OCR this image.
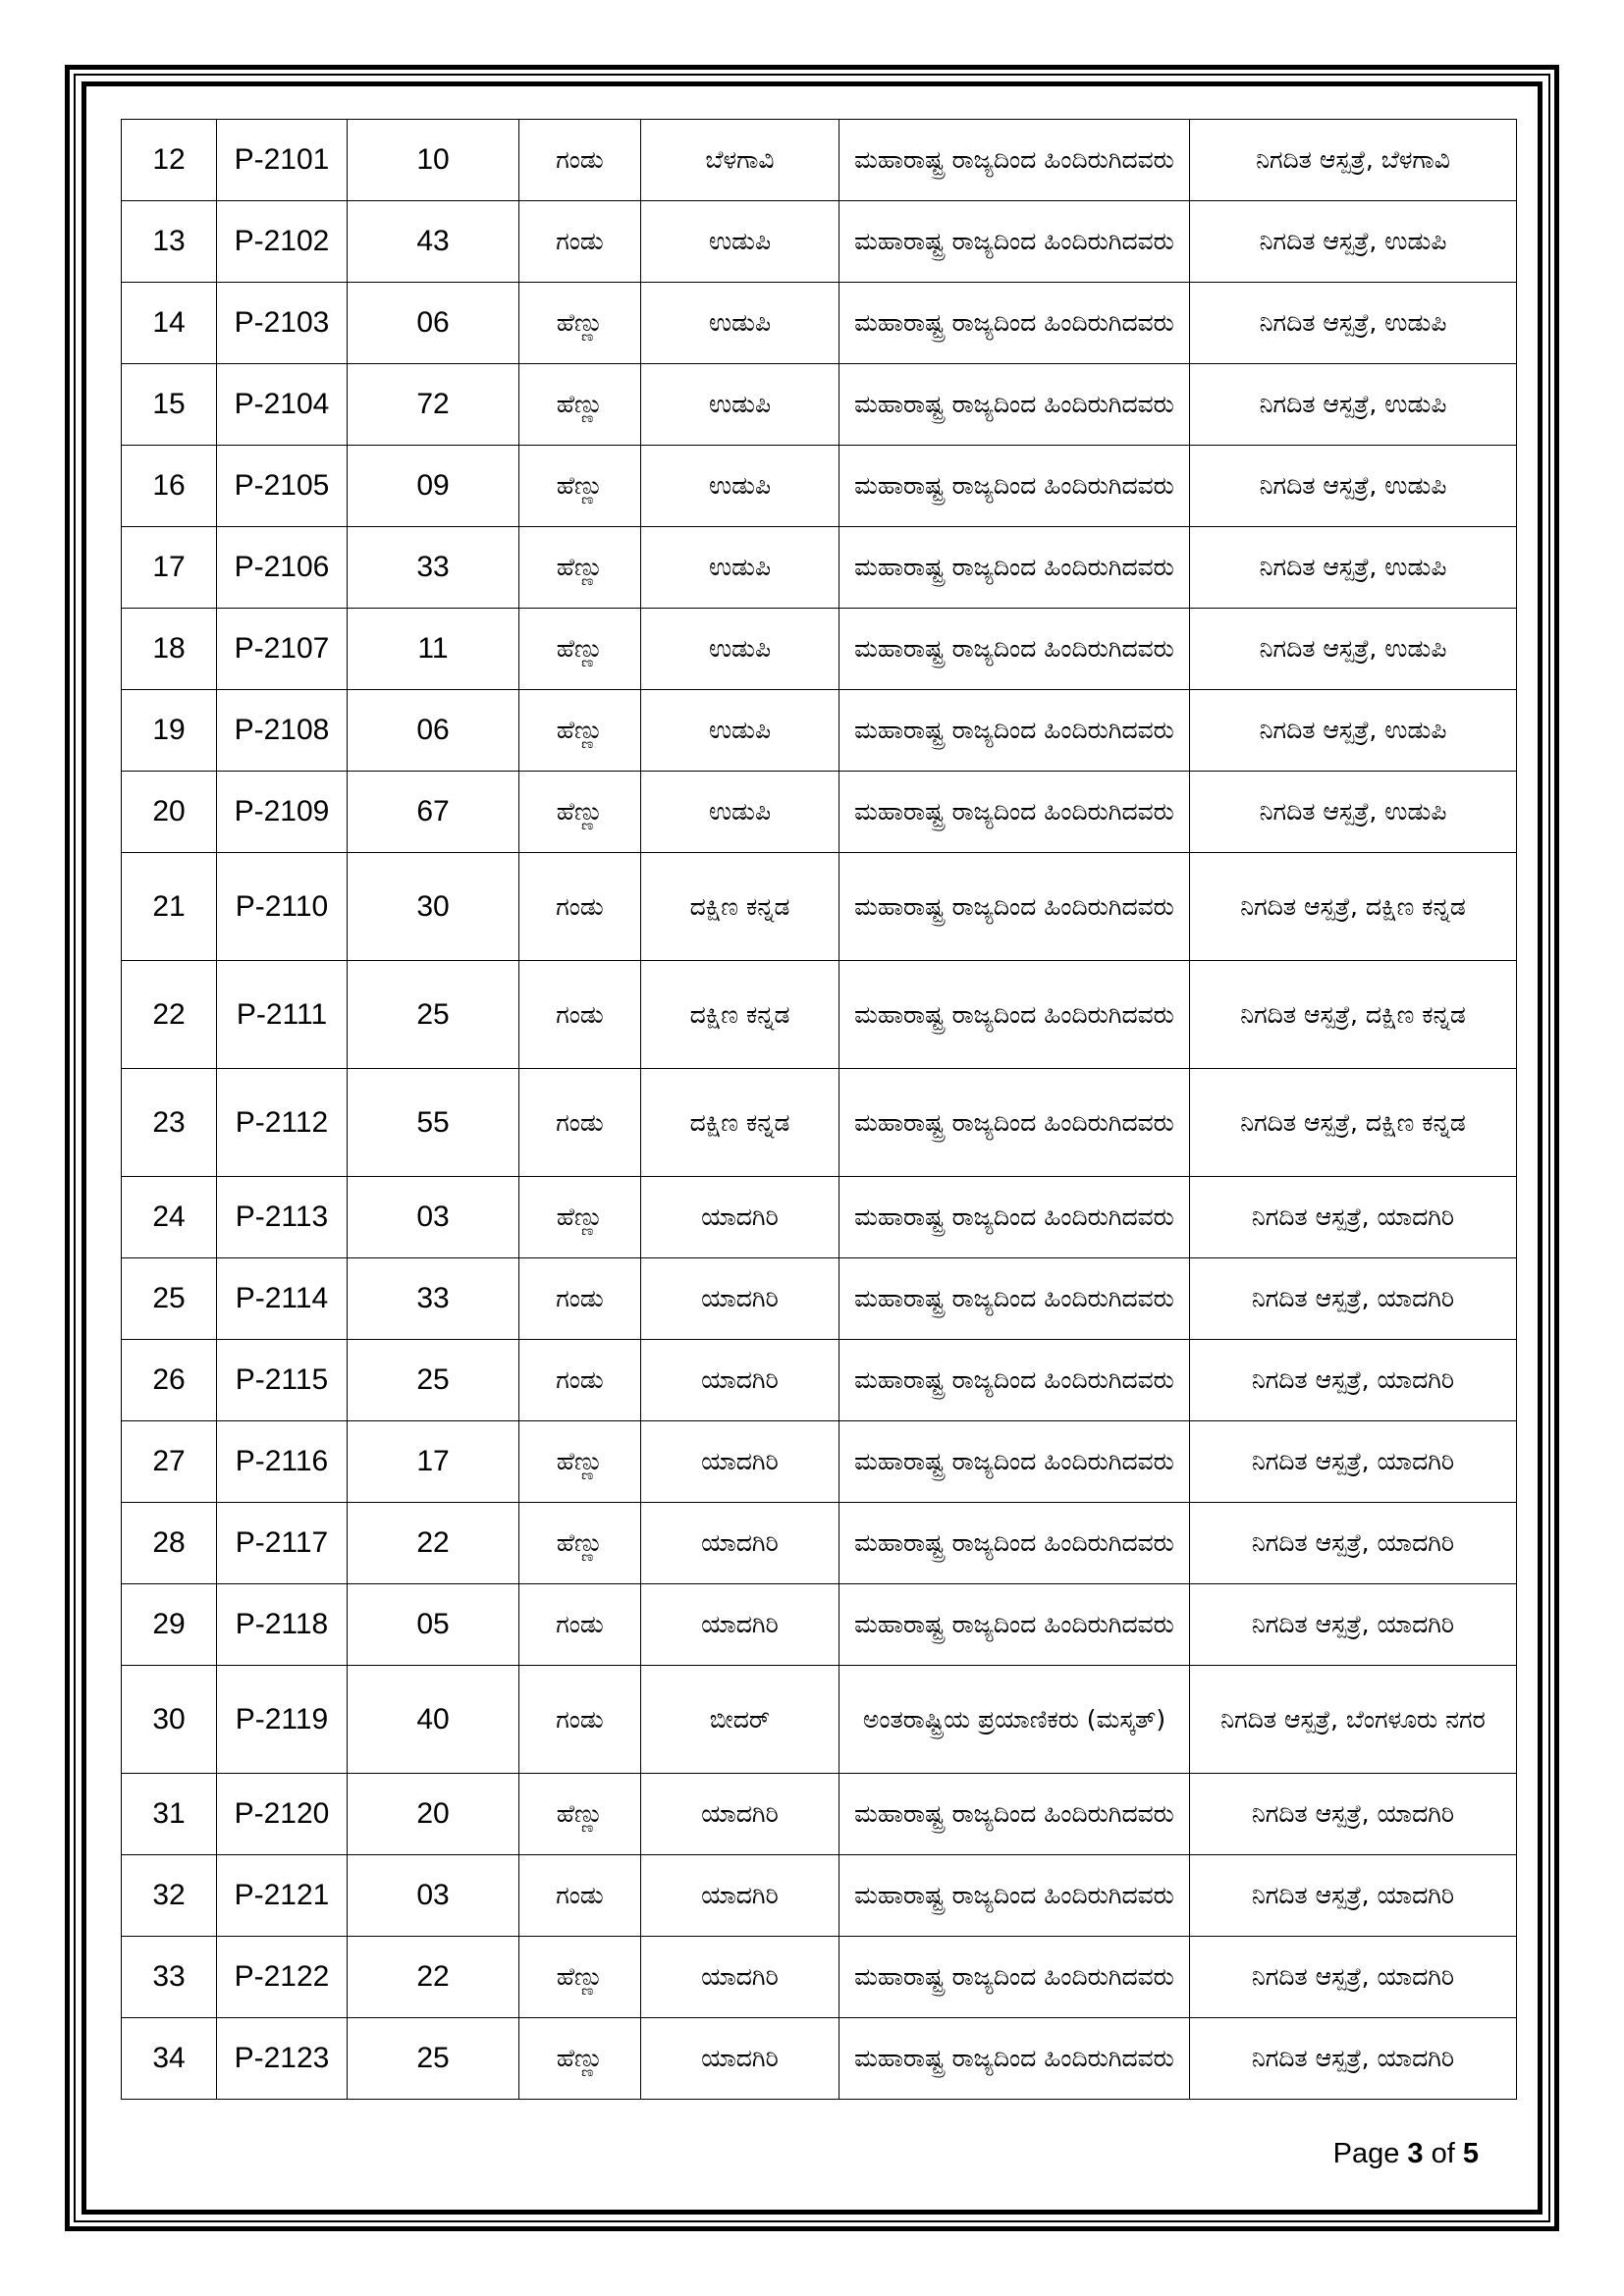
12	P-2101	10	ಗಂಡು	ಬೆಳಗಾವಿ	ಮಹಾರಾಷ್ಟ್ರ ರಾಜ್ಯದಿಂದ ಹಿಂದಿರುಗಿದವರು	ನಿಗದಿತ ಆಸ್ಪತ್ರೆ, ಬೆಳಗಾವಿ
13	P-2102	43	ಗಂಡು	ಉಡುಪಿ	ಮಹಾರಾಷ್ಟ್ರ ರಾಜ್ಯದಿಂದ ಹಿಂದಿರುಗಿದವರು	ನಿಗದಿತ ಆಸ್ಪತ್ರೆ, ಉಡುಪಿ
14	P-2103	06	ಹೆಣ್ಣು	ಉಡುಪಿ	ಮಹಾರಾಷ್ಟ್ರ ರಾಜ್ಯದಿಂದ ಹಿಂದಿರುಗಿದವರು	ನಿಗದಿತ ಆಸ್ಪತ್ರೆ, ಉಡುಪಿ
15	P-2104	72	ಹೆಣ್ಣು	ಉಡುಪಿ	ಮಹಾರಾಷ್ಟ್ರ ರಾಜ್ಯದಿಂದ ಹಿಂದಿರುಗಿದವರು	ನಿಗದಿತ ಆಸ್ಪತ್ರೆ, ಉಡುಪಿ
16	P-2105	09	ಹೆಣ್ಣು	ಉಡುಪಿ	ಮಹಾರಾಷ್ಟ್ರ ರಾಜ್ಯದಿಂದ ಹಿಂದಿರುಗಿದವರು	ನಿಗದಿತ ಆಸ್ಪತ್ರೆ, ಉಡುಪಿ
17	P-2106	33	ಹೆಣ್ಣು	ಉಡುಪಿ	ಮಹಾರಾಷ್ಟ್ರ ರಾಜ್ಯದಿಂದ ಹಿಂದಿರುಗಿದವರು	ನಿಗದಿತ ಆಸ್ಪತ್ರೆ, ಉಡುಪಿ
18	P-2107	11	ಹೆಣ್ಣು	ಉಡುಪಿ	ಮಹಾರಾಷ್ಟ್ರ ರಾಜ್ಯದಿಂದ ಹಿಂದಿರುಗಿದವರು	ನಿಗದಿತ ಆಸ್ಪತ್ರೆ, ಉಡುಪಿ
19	P-2108	06	ಹೆಣ್ಣು	ಉಡುಪಿ	ಮಹಾರಾಷ್ಟ್ರ ರಾಜ್ಯದಿಂದ ಹಿಂದಿರುಗಿದವರು	ನಿಗದಿತ ಆಸ್ಪತ್ರೆ, ಉಡುಪಿ
20	P-2109	67	ಹೆಣ್ಣು	ಉಡುಪಿ	ಮಹಾರಾಷ್ಟ್ರ ರಾಜ್ಯದಿಂದ ಹಿಂದಿರುಗಿದವರು	ನಿಗದಿತ ಆಸ್ಪತ್ರೆ, ಉಡುಪಿ
21	P-2110	30	ಗಂಡು	ದಕ್ಷಿಣ ಕನ್ನಡ	ಮಹಾರಾಷ್ಟ್ರ ರಾಜ್ಯದಿಂದ ಹಿಂದಿರುಗಿದವರು	ನಿಗದಿತ ಆಸ್ಪತ್ರೆ, ದಕ್ಷಿಣ ಕನ್ನಡ
22	P-2111	25	ಗಂಡು	ದಕ್ಷಿಣ ಕನ್ನಡ	ಮಹಾರಾಷ್ಟ್ರ ರಾಜ್ಯದಿಂದ ಹಿಂದಿರುಗಿದವರು	ನಿಗದಿತ ಆಸ್ಪತ್ರೆ, ದಕ್ಷಿಣ ಕನ್ನಡ
23	P-2112	55	ಗಂಡು	ದಕ್ಷಿಣ ಕನ್ನಡ	ಮಹಾರಾಷ್ಟ್ರ ರಾಜ್ಯದಿಂದ ಹಿಂದಿರುಗಿದವರು	ನಿಗದಿತ ಆಸ್ಪತ್ರೆ, ದಕ್ಷಿಣ ಕನ್ನಡ
24	P-2113	03	ಹೆಣ್ಣು	ಯಾದಗಿರಿ	ಮಹಾರಾಷ್ಟ್ರ ರಾಜ್ಯದಿಂದ ಹಿಂದಿರುಗಿದವರು	ನಿಗದಿತ ಆಸ್ಪತ್ರೆ, ಯಾದಗಿರಿ
25	P-2114	33	ಗಂಡು	ಯಾದಗಿರಿ	ಮಹಾರಾಷ್ಟ್ರ ರಾಜ್ಯದಿಂದ ಹಿಂದಿರುಗಿದವರು	ನಿಗದಿತ ಆಸ್ಪತ್ರೆ, ಯಾದಗಿರಿ
26	P-2115	25	ಗಂಡು	ಯಾದಗಿರಿ	ಮಹಾರಾಷ್ಟ್ರ ರಾಜ್ಯದಿಂದ ಹಿಂದಿರುಗಿದವರು	ನಿಗದಿತ ಆಸ್ಪತ್ರೆ, ಯಾದಗಿರಿ
27	P-2116	17	ಹೆಣ್ಣು	ಯಾದಗಿರಿ	ಮಹಾರಾಷ್ಟ್ರ ರಾಜ್ಯದಿಂದ ಹಿಂದಿರುಗಿದವರು	ನಿಗದಿತ ಆಸ್ಪತ್ರೆ, ಯಾದಗಿರಿ
28	P-2117	22	ಹೆಣ್ಣು	ಯಾದಗಿರಿ	ಮಹಾರಾಷ್ಟ್ರ ರಾಜ್ಯದಿಂದ ಹಿಂದಿರುಗಿದವರು	ನಿಗದಿತ ಆಸ್ಪತ್ರೆ, ಯಾದಗಿರಿ
29	P-2118	05	ಗಂಡು	ಯಾದಗಿರಿ	ಮಹಾರಾಷ್ಟ್ರ ರಾಜ್ಯದಿಂದ ಹಿಂದಿರುಗಿದವರು	ನಿಗದಿತ ಆಸ್ಪತ್ರೆ, ಯಾದಗಿರಿ
30	P-2119	40	ಗಂಡು	ಬೀದರ್	ಅಂತರಾಷ್ಟ್ರಿಯ ಪ್ರಯಾಣಿಕರು (ಮಸ್ಕತ್)	ನಿಗದಿತ ಆಸ್ಪತ್ರೆ, ಬೆಂಗಳೂರು ನಗರ
31	P-2120	20	ಹೆಣ್ಣು	ಯಾದಗಿರಿ	ಮಹಾರಾಷ್ಟ್ರ ರಾಜ್ಯದಿಂದ ಹಿಂದಿರುಗಿದವರು	ನಿಗದಿತ ಆಸ್ಪತ್ರೆ, ಯಾದಗಿರಿ
32	P-2121	03	ಗಂಡು	ಯಾದಗಿರಿ	ಮಹಾರಾಷ್ಟ್ರ ರಾಜ್ಯದಿಂದ ಹಿಂದಿರುಗಿದವರು	ನಿಗದಿತ ಆಸ್ಪತ್ರೆ, ಯಾದಗಿರಿ
33	P-2122	22	ಹೆಣ್ಣು	ಯಾದಗಿರಿ	ಮಹಾರಾಷ್ಟ್ರ ರಾಜ್ಯದಿಂದ ಹಿಂದಿರುಗಿದವರು	ನಿಗದಿತ ಆಸ್ಪತ್ರೆ, ಯಾದಗಿರಿ
34	P-2123	25	ಹೆಣ್ಣು	ಯಾದಗಿರಿ	ಮಹಾರಾಷ್ಟ್ರ ರಾಜ್ಯದಿಂದ ಹಿಂದಿರುಗಿದವರು	ನಿಗದಿತ ಆಸ್ಪತ್ರೆ, ಯಾದಗಿರಿ
Page 3 of 5
